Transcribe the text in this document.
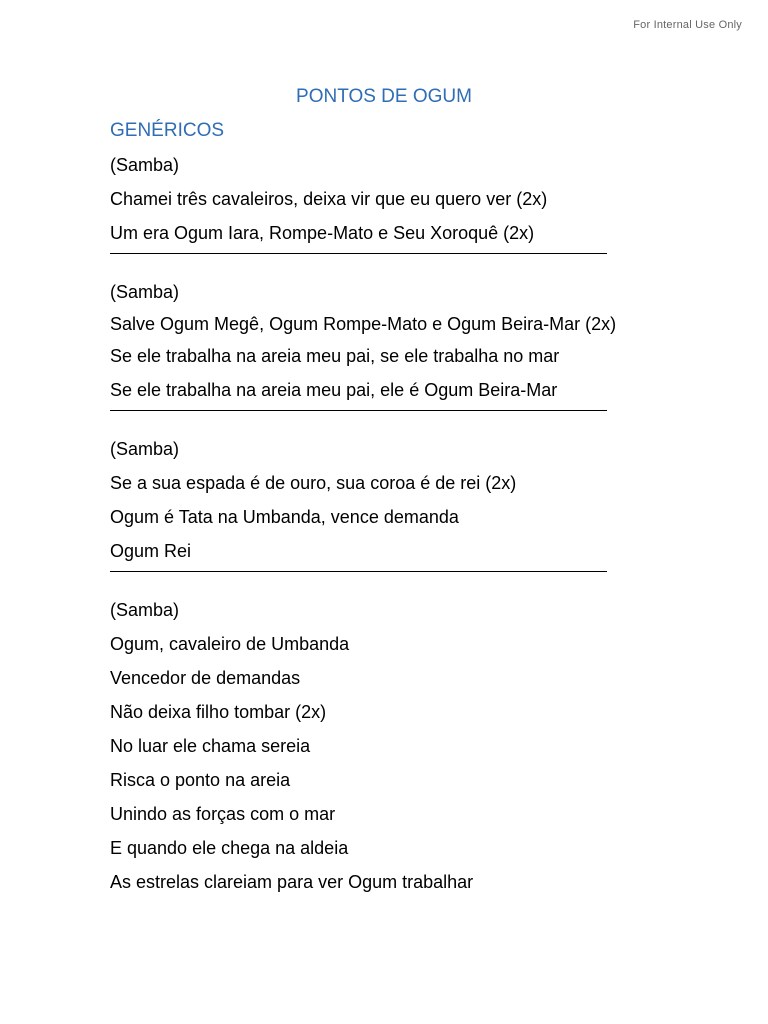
For Internal Use Only
PONTOS DE OGUM
GENÉRICOS
(Samba)
Chamei três cavaleiros, deixa vir que eu quero ver (2x)
Um era Ogum Iara, Rompe-Mato e Seu Xoroquê (2x)
(Samba)
Salve Ogum Megê, Ogum Rompe-Mato e Ogum Beira-Mar (2x)
Se ele trabalha na areia meu pai, se ele trabalha no mar
Se ele trabalha na areia meu pai, ele é Ogum Beira-Mar
(Samba)
Se a sua espada é de ouro, sua coroa é de rei (2x)
Ogum é Tata na Umbanda, vence demanda
Ogum Rei
(Samba)
Ogum, cavaleiro de Umbanda
Vencedor de demandas
Não deixa filho tombar (2x)
No luar ele chama sereia
Risca o ponto na areia
Unindo as forças com o mar
E quando ele chega na aldeia
As estrelas clareiam para ver Ogum trabalhar
